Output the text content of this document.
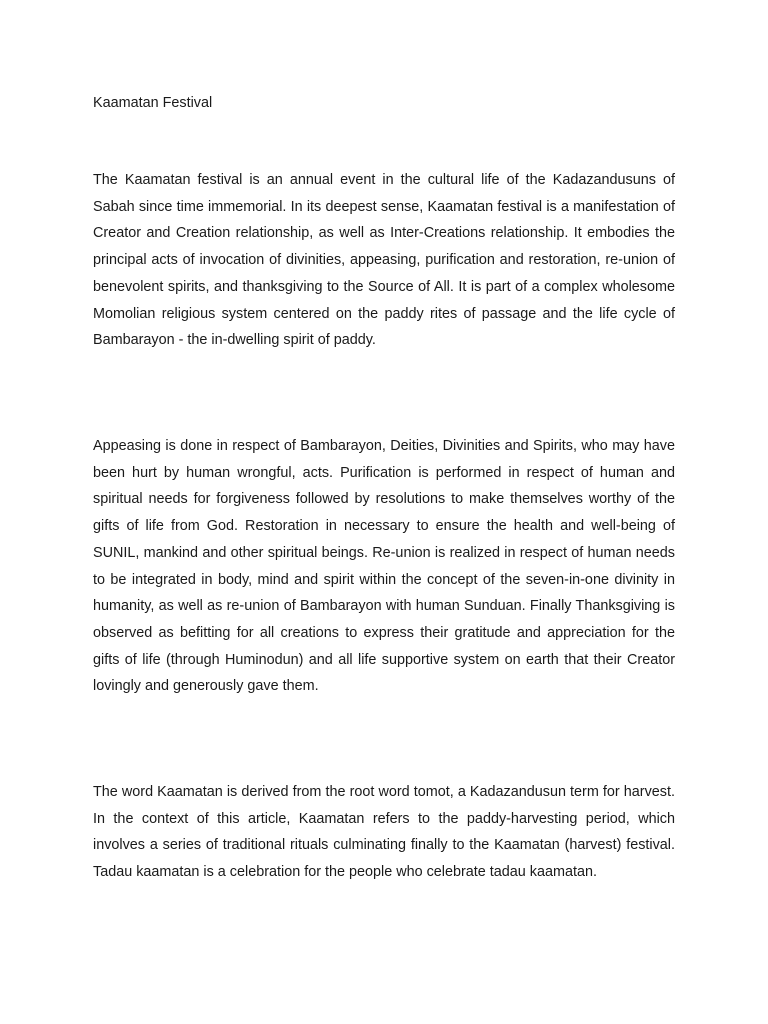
Kaamatan Festival

The Kaamatan festival is an annual event in the cultural life of the Kadazandusuns of Sabah since time immemorial. In its deepest sense, Kaamatan festival is a manifestation of Creator and Creation relationship, as well as Inter-Creations relationship. It embodies the principal acts of invocation of divinities, appeasing, purification and restoration, re-union of benevolent spirits, and thanksgiving to the Source of All. It is part of a complex wholesome Momolian religious system centered on the paddy rites of passage and the life cycle of Bambarayon - the in-dwelling spirit of paddy.

Appeasing is done in respect of Bambarayon, Deities, Divinities and Spirits, who may have been hurt by human wrongful, acts. Purification is performed in respect of human and spiritual needs for forgiveness followed by resolutions to make themselves worthy of the gifts of life from God. Restoration in necessary to ensure the health and well-being of SUNIL, mankind and other spiritual beings. Re-union is realized in respect of human needs to be integrated in body, mind and spirit within the concept of the seven-in-one divinity in humanity, as well as re-union of Bambarayon with human Sunduan. Finally Thanksgiving is observed as befitting for all creations to express their gratitude and appreciation for the gifts of life (through Huminodun) and all life supportive system on earth that their Creator lovingly and generously gave them.

The word Kaamatan is derived from the root word tomot, a Kadazandusun term for harvest. In the context of this article, Kaamatan refers to the paddy-harvesting period, which involves a series of traditional rituals culminating finally to the Kaamatan (harvest) festival. Tadau kaamatan is a celebration for the people who celebrate tadau kaamatan.
